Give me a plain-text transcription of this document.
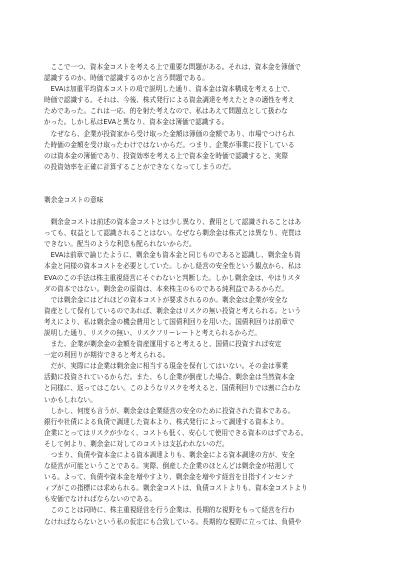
　ここで一つ、資本金コストを考える上で重要な問題がある。それは、資本金を簿価で
認識するのか、時価で認識するのかと言う問題である。
　EVAは加重平均資本コストの項で説明した通り、資本金は資本構成を考える上で、
時価で認識する。それは、今後、株式発行による資金調達を考えたときの適性を考え
ためであった。これは一応、的を射た考えなので、私はあえて問題点として扱わな
かった。しかし私はEVAと異なり、資本金は簿価で認識する。

　なぜなら、企業が投資家から受け取った金額は簿価の金額であり、市場でつけられ
た時価の金額を受け取ったわけではないからだ。つまり、企業が事業に投下している
のは資本金の簿価であり、投資効率を考える上で資本金を時価で認識すると、実際
の投資効率を正確に計算することができなくなってしまうのだ。

剰余金コストの意味

　剰余金コストは前述の資本金コストとは少し異なり、費用として認識されることはあ
っても、収益として認識されることはない。なぜなら剰余金は株式とは異なり、売買は
できない。配当のような利息も配られないからだ。

　EVAは前章で論じたように、剰余金も資本金と同じものであると認識し、剰余金も資
本金と同様の資本コストを必要としていた。しかし経営の安全性という観点から、私は
EVAのこの手法は株主重視経営にそぐわないと判断した。しかし剰余金は、やはりスタ
ダの資本ではない。剰余金の原資は、本来株主のものである純利益であるからだ。

　では剰余金にはどれほどの資本コストが要求されるのか。剰余金は企業が安全な
資産として保有しているのであれば、剰余金はリスクの無い投資と考えられる。という
考えにより、私は剰余金の機会費用として国債利回りを用いた。国債利回りは前章で
説明した通り、リスクの無い、リスクフリーレートと考えられるからだ。

　また、企業が剰余金の金額を資産運用すると考えると、国債に投資すれば安定
一定の利回りが期待できると考えられる。

　だが、実際には企業は剰余金に相当する現金を保有してはいない。その金は事業
活動に投資されているからだ。また、もし企業が倒産した場合、剰余金は当然資本金
と同様に、返ってはこない。このようなリスクを考えると、国債利回りでは割に合わな
いかもしれない。

　しかし、何度も言うが、剰余金は企業経営の安全のために投資された資本である。
銀行や社債による負債で調達した資本より、株式発行によって調達する資本より。
企業にとってはリスクが少なく、コストも低く、安心して使用できる資本のはずである。
そして何より、剰余金に対してのコストは支払われないのだ。

　つまり、負債や資本金による資本調達よりも、剰余金による資本調達の方が、安全
な経営が可能ということである。実際、倒産した企業のほとんどは剰余金が枯渇して
いる。よって、負債や資本金を増やすより、剰余金を増やす経営を目指すインセンテ
ィブがこの指標には求められる。剰余金コストは、負債コストよりも、資本金コストより
も安価でなければならないのである。

　このことは同時に、株主重視経営を行う企業は、長期的な視野をもって経営を行わ
なければならないという私の仮定にも合致している。長期的な視野に立っては、負債や
